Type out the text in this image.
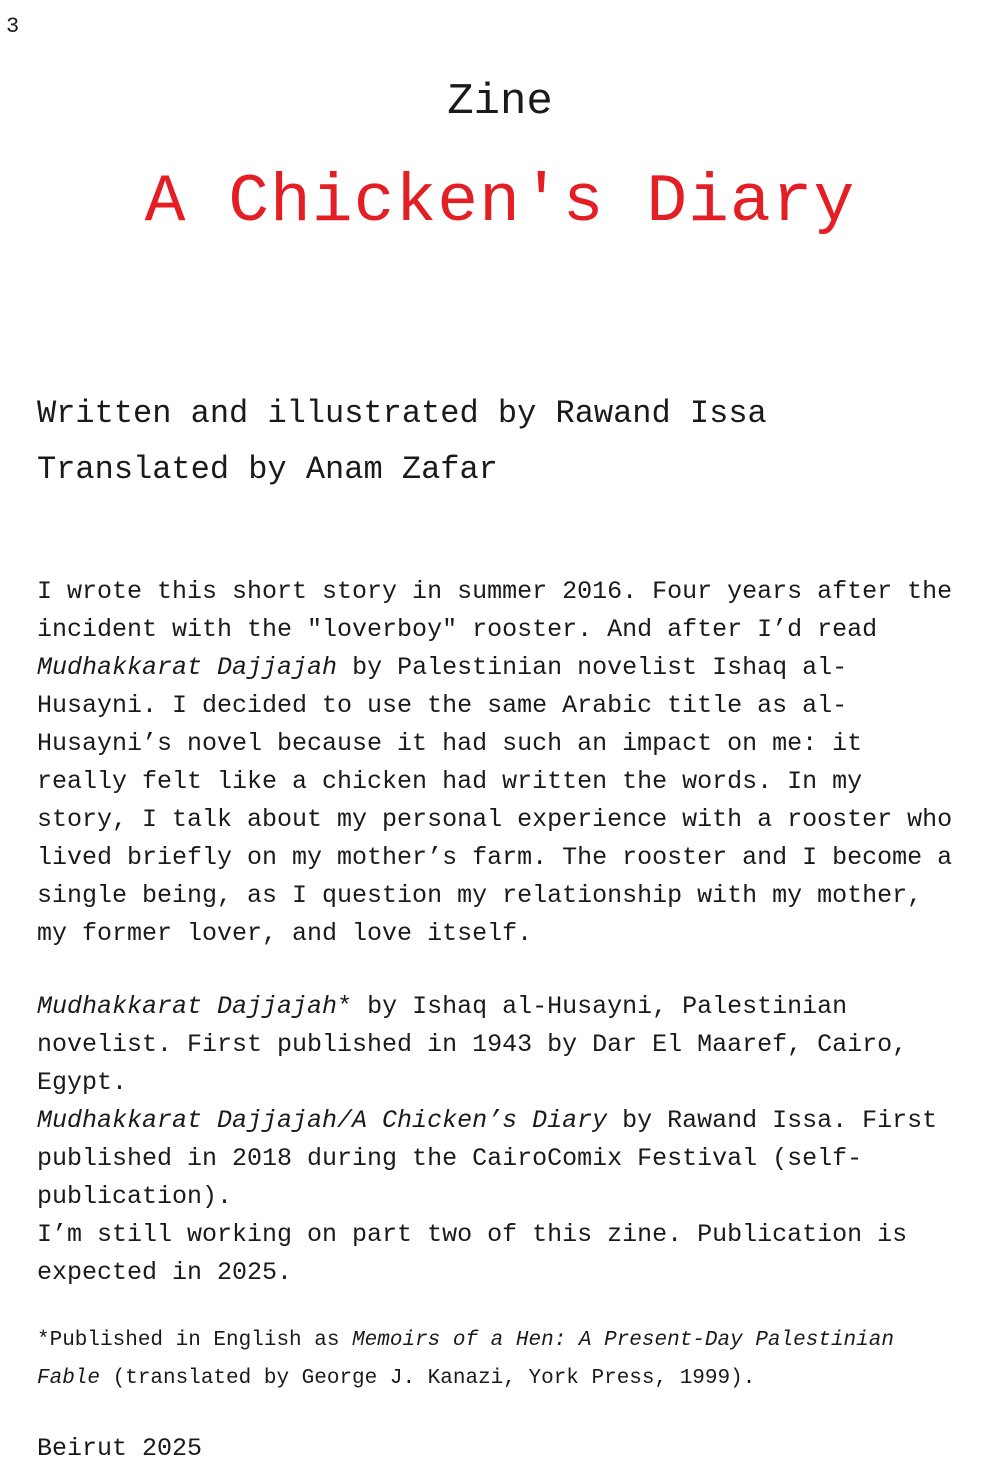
3
Zine
A Chicken's Diary
Written and illustrated by Rawand Issa
Translated by Anam Zafar

I wrote this short story in summer 2016. Four years after the incident with the "loverboy" rooster. And after I’d read Mudhakkarat Dajjajah by Palestinian novelist Ishaq al-Husayni. I decided to use the same Arabic title as al-Husayni’s novel because it had such an impact on me: it really felt like a chicken had written the words. In my story, I talk about my personal experience with a rooster who lived briefly on my mother’s farm. The rooster and I become a single being, as I question my relationship with my mother, my former lover, and love itself.

Mudhakkarat Dajjajah* by Ishaq al-Husayni, Palestinian novelist. First published in 1943 by Dar El Maaref, Cairo, Egypt.
Mudhakkarat Dajjajah/A Chicken’s Diary by Rawand Issa. First published in 2018 during the CairoComix Festival (self-publication).
I’m still working on part two of this zine. Publication is expected in 2025.

*Published in English as Memoirs of a Hen: A Present-Day Palestinian Fable (translated by George J. Kanazi, York Press, 1999).

Beirut 2025
